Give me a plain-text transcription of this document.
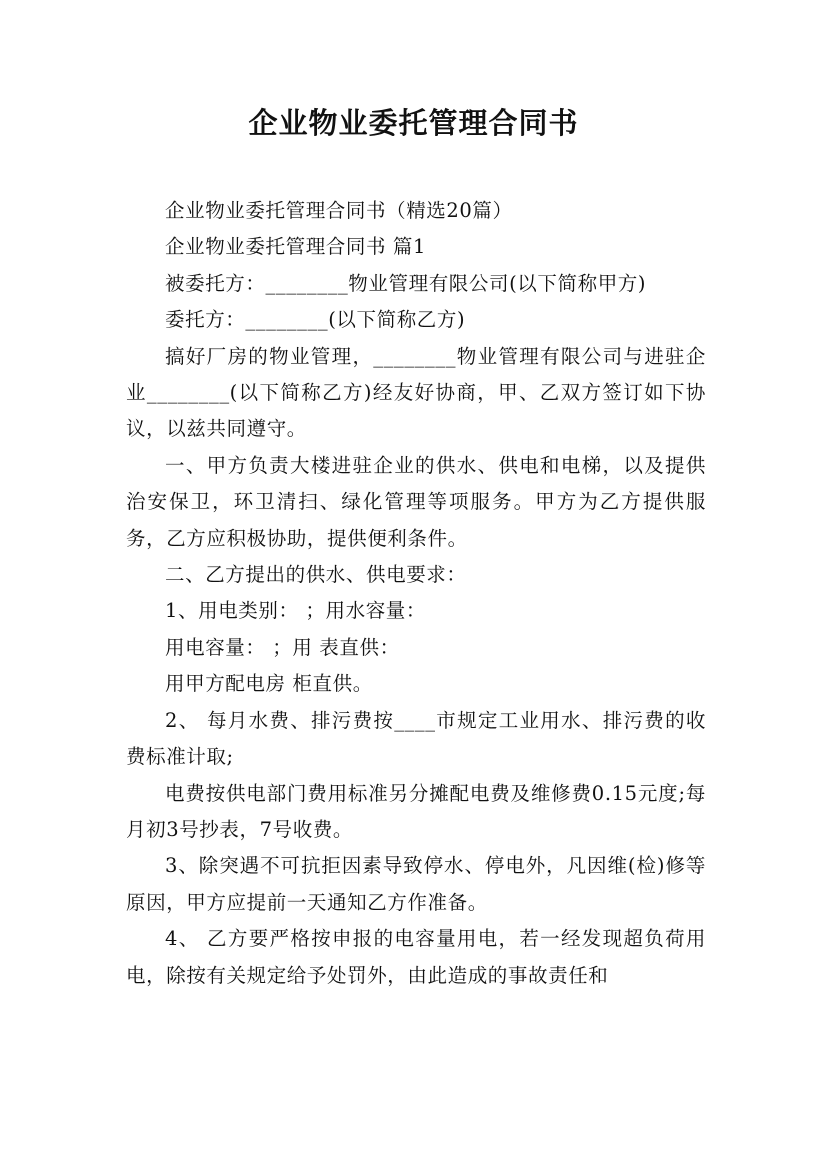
企业物业委托管理合同书

企业物业委托管理合同书（精选20篇）

企业物业委托管理合同书 篇1

被委托方：________物业管理有限公司(以下简称甲方)

委托方：________(以下简称乙方)

搞好厂房的物业管理，________物业管理有限公司与进驻企业________(以下简称乙方)经友好协商，甲、乙双方签订如下协议，以兹共同遵守。

一、甲方负责大楼进驻企业的供水、供电和电梯，以及提供治安保卫，环卫清扫、绿化管理等项服务。甲方为乙方提供服务，乙方应积极协助，提供便利条件。

二、乙方提出的供水、供电要求：

1、用电类别： ；用水容量：

用电容量： ；用 表直供：

用甲方配电房 柜直供。

2、 每月水费、排污费按____市规定工业用水、排污费的收费标准计取;

电费按供电部门费用标准另分摊配电费及维修费0.15元度;每月初3号抄表，7号收费。

3、除突遇不可抗拒因素导致停水、停电外，凡因维(检)修等原因，甲方应提前一天通知乙方作准备。

4、 乙方要严格按申报的电容量用电，若一经发现超负荷用电，除按有关规定给予处罚外，由此造成的事故责任和
